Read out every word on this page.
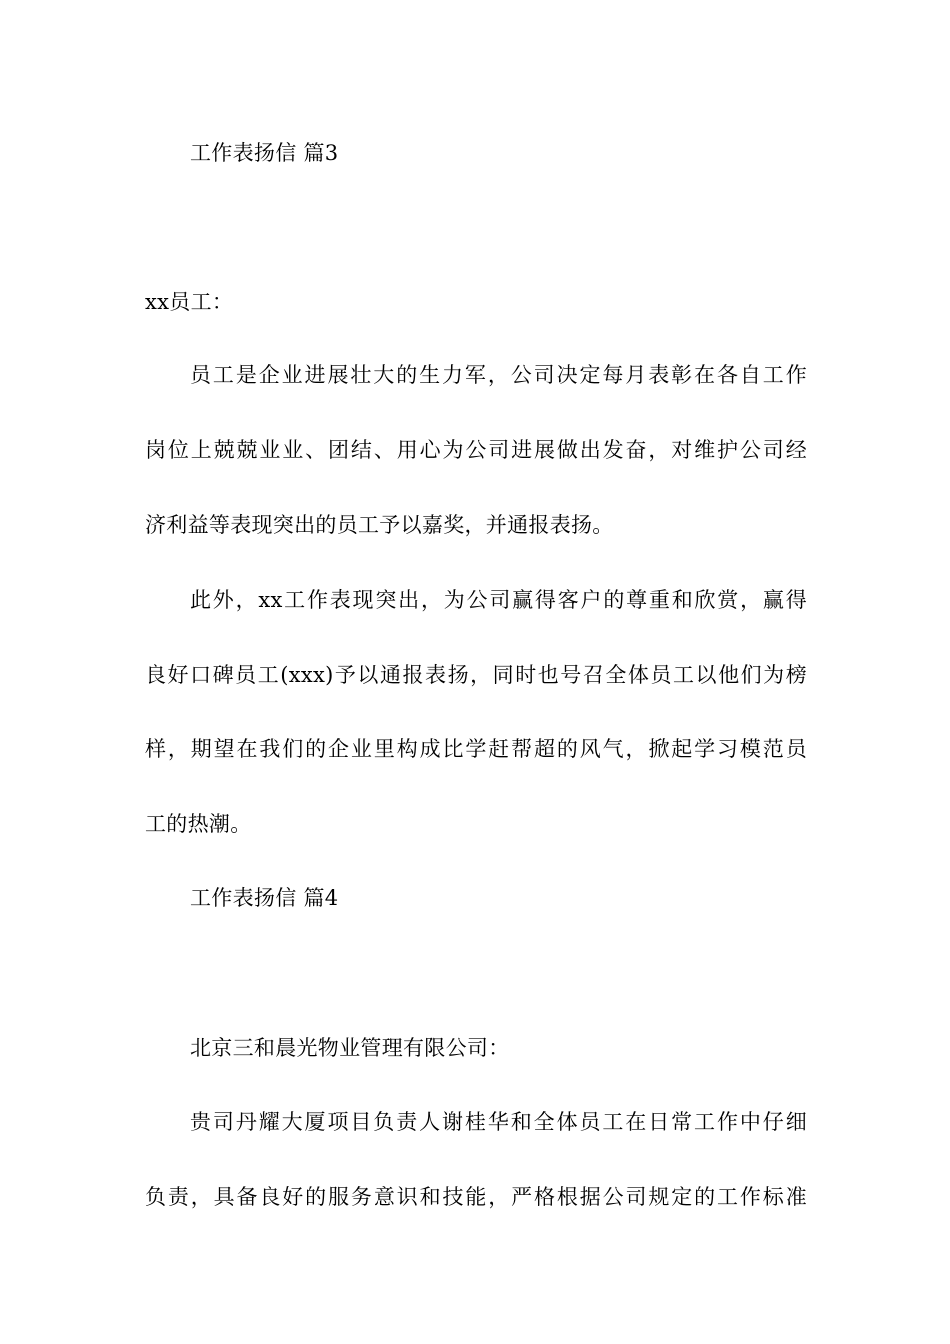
工作表扬信 篇3
xx员工：
员工是企业进展壮大的生力军，公司决定每月表彰在各自工作
岗位上兢兢业业、团结、用心为公司进展做出发奋，对维护公司经
济利益等表现突出的员工予以嘉奖，并通报表扬。
此外，xx工作表现突出，为公司赢得客户的尊重和欣赏，赢得
良好口碑员工(xxx)予以通报表扬，同时也号召全体员工以他们为榜
样，期望在我们的企业里构成比学赶帮超的风气，掀起学习模范员
工的热潮。
工作表扬信 篇4
北京三和晨光物业管理有限公司：
贵司丹耀大厦项目负责人谢桂华和全体员工在日常工作中仔细
负责，具备良好的服务意识和技能，严格根据公司规定的工作标准
